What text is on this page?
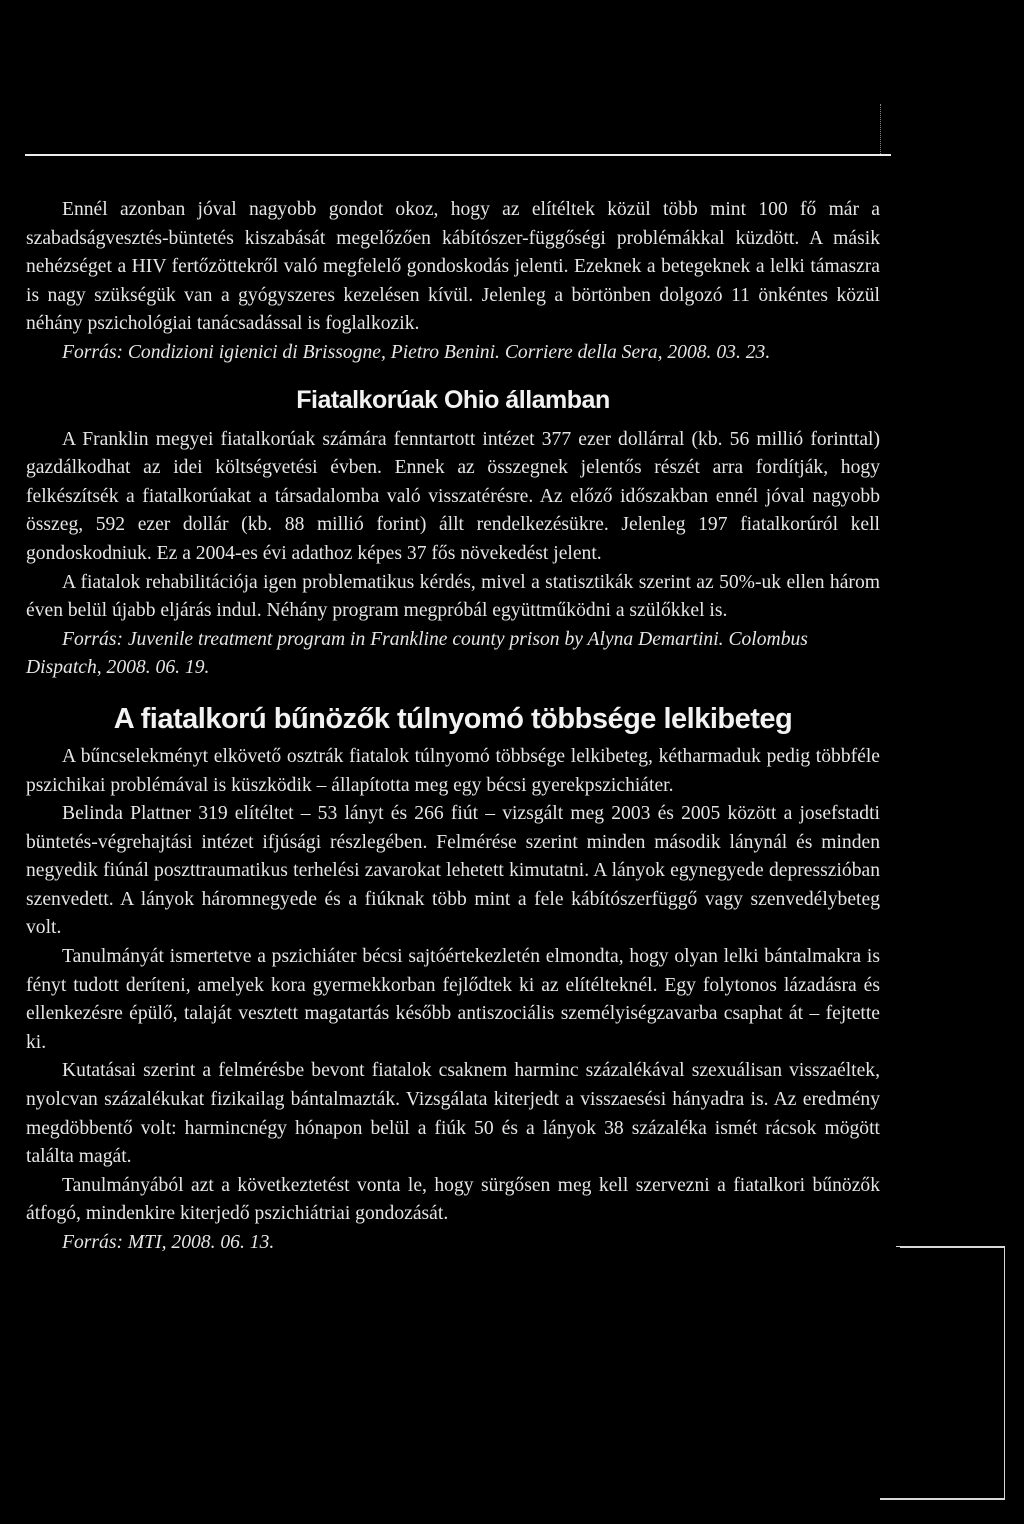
Ennél azonban jóval nagyobb gondot okoz, hogy az elítéltek közül több mint 100 fő már a szabadságvesztés-büntetés kiszabását megelőzően kábítószer-függőségi problémákkal küzdött. A másik nehézséget a HIV fertőzöttekről való megfelelő gondoskodás jelenti. Ezeknek a betegeknek a lelki támaszra is nagy szükségük van a gyógyszeres kezelésen kívül. Jelenleg a börtönben dolgozó 11 önkéntes közül néhány pszichológiai tanácsadással is foglalkozik.

Forrás: Condizioni igienici di Brissogne, Pietro Benini. Corriere della Sera, 2008. 03. 23.

Fiatalkorúak Ohio államban

A Franklin megyei fiatalkorúak számára fenntartott intézet 377 ezer dollárral (kb. 56 millió forinttal) gazdálkodhat az idei költségvetési évben. Ennek az összegnek jelentős részét arra fordítják, hogy felkészítsék a fiatalkorúakat a társadalomba való visszatérésre. Az előző időszakban ennél jóval nagyobb összeg, 592 ezer dollár (kb. 88 millió forint) állt rendelkezésükre. Jelenleg 197 fiatalkorúról kell gondoskodniuk. Ez a 2004-es évi adathoz képes 37 fős növekedést jelent.

A fiatalok rehabilitációja igen problematikus kérdés, mivel a statisztikák szerint az 50%-uk ellen három éven belül újabb eljárás indul. Néhány program megpróbál együttműködni a szülőkkel is.

Forrás: Juvenile treatment program in Frankline county prison by Alyna Demartini. Colombus Dispatch, 2008. 06. 19.

A fiatalkorú bűnözők túlnyomó többsége lelkibeteg

A bűncselekményt elkövető osztrák fiatalok túlnyomó többsége lelkibeteg, kétharmaduk pedig többféle pszichikai problémával is küszködik – állapította meg egy bécsi gyerekpszichiáter.

Belinda Plattner 319 elítéltet – 53 lányt és 266 fiút – vizsgált meg 2003 és 2005 között a josefstadti büntetés-végrehajtási intézet ifjúsági részlegében. Felmérése szerint minden második lánynál és minden negyedik fiúnál poszttraumatikus terhelési zavarokat lehetett kimutatni. A lányok egynegyede depresszióban szenvedett. A lányok háromnegyede és a fiúknak több mint a fele kábítószerfüggő vagy szenvedélybeteg volt.

Tanulmányát ismertetve a pszichiáter bécsi sajtóértekezletén elmondta, hogy olyan lelki bántalmakra is fényt tudott deríteni, amelyek kora gyermekkorban fejlődtek ki az elítélteknél. Egy folytonos lázadásra és ellenkezésre épülő, talaját vesztett magatartás később antiszociális személyiségzavarba csaphat át – fejtette ki.

Kutatásai szerint a felmérésbe bevont fiatalok csaknem harminc százalékával szexuálisan visszaéltek, nyolcvan százalékukat fizikailag bántalmazták. Vizsgálata kiterjedt a visszaesési hányadra is. Az eredmény megdöbbentő volt: harmincnégy hónapon belül a fiúk 50 és a lányok 38 százaléka ismét rácsok mögött találta magát.

Tanulmányából azt a következtetést vonta le, hogy sürgősen meg kell szervezni a fiatalkori bűnözők átfogó, mindenkire kiterjedő pszichiátriai gondozását.

Forrás: MTI, 2008. 06. 13.
